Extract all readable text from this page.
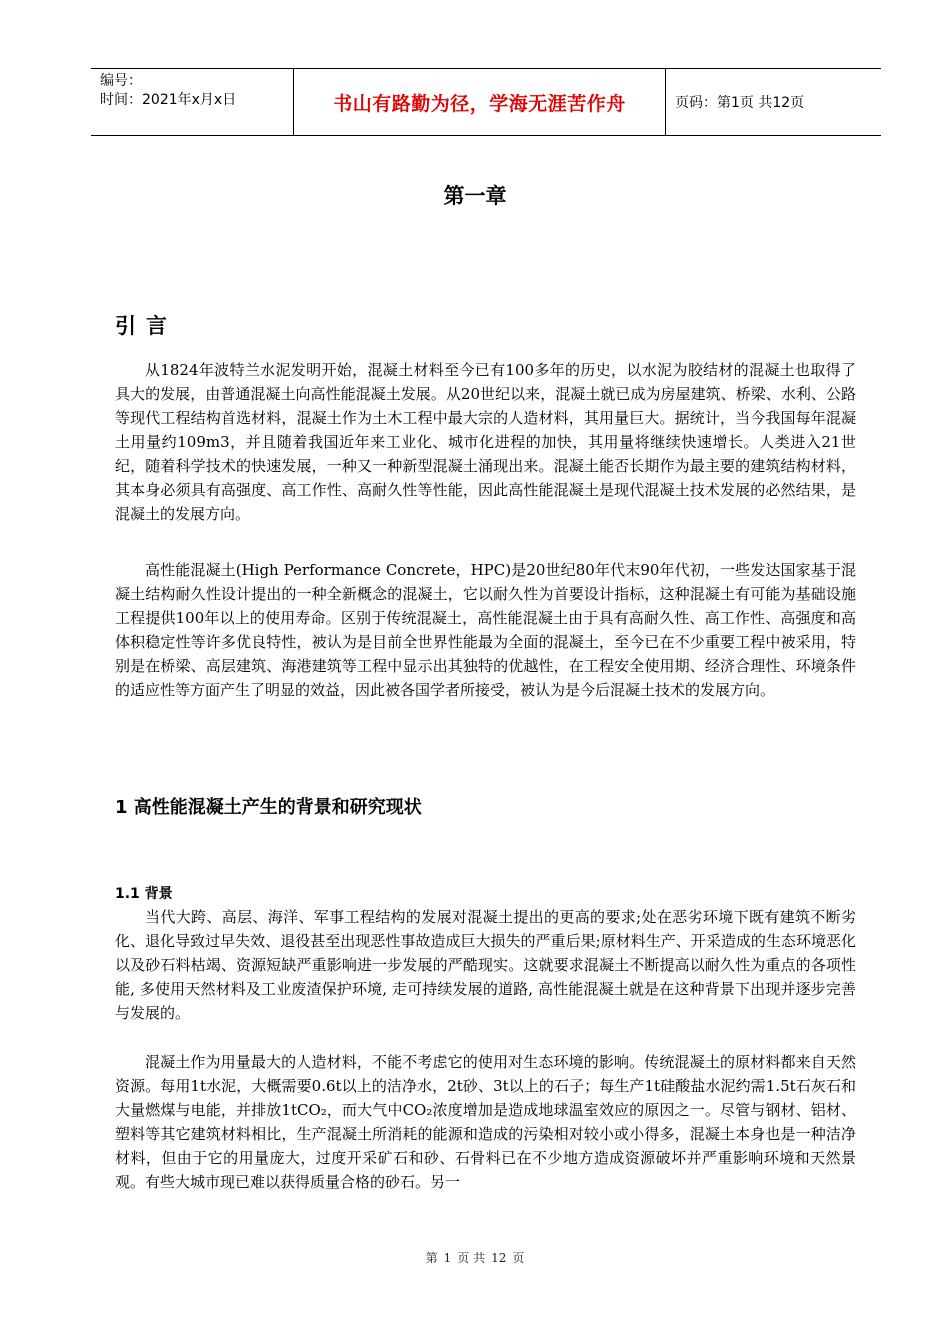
编号：
时间：2021年x月x日	书山有路勤为径，学海无涯苦作舟	页码：第1页 共12页
第一章
引言

从1824年波特兰水泥发明开始，混凝土材料至今已有100多年的历史，以水泥为胶结材的混凝土也取得了具大的发展，由普通混凝土向高性能混凝土发展。从20世纪以来，混凝土就已成为房屋建筑、桥梁、水利、公路等现代工程结构首选材料，混凝土作为土木工程中最大宗的人造材料，其用量巨大。据统计，当今我国每年混凝土用量约109m3，并且随着我国近年来工业化、城市化进程的加快，其用量将继续快速增长。人类进入21世纪，随着科学技术的快速发展，一种又一种新型混凝土涌现出来。混凝土能否长期作为最主要的建筑结构材料，其本身必须具有高强度、高工作性、高耐久性等性能，因此高性能混凝土是现代混凝土技术发展的必然结果，是混凝土的发展方向。

高性能混凝土(High Performance Concrete，HPC)是20世纪80年代末90年代初，一些发达国家基于混凝土结构耐久性设计提出的一种全新概念的混凝土，它以耐久性为首要设计指标，这种混凝土有可能为基础设施工程提供100年以上的使用寿命。区别于传统混凝土，高性能混凝土由于具有高耐久性、高工作性、高强度和高体积稳定性等许多优良特性，被认为是目前全世界性能最为全面的混凝土，至今已在不少重要工程中被采用，特别是在桥梁、高层建筑、海港建筑等工程中显示出其独特的优越性，在工程安全使用期、经济合理性、环境条件的适应性等方面产生了明显的效益，因此被各国学者所接受，被认为是今后混凝土技术的发展方向。

1 高性能混凝土产生的背景和研究现状
1.1 背景

当代大跨、高层、海洋、军事工程结构的发展对混凝土提出的更高的要求;处在恶劣环境下既有建筑不断劣化、退化导致过早失效、退役甚至出现恶性事故造成巨大损失的严重后果;原材料生产、开采造成的生态环境恶化以及砂石料枯竭、资源短缺严重影响进一步发展的严酷现实。这就要求混凝土不断提高以耐久性为重点的各项性能, 多使用天然材料及工业废渣保护环境, 走可持续发展的道路, 高性能混凝土就是在这种背景下出现并逐步完善与发展的。

混凝土作为用量最大的人造材料，不能不考虑它的使用对生态环境的影响。传统混凝土的原材料都来自天然资源。每用1t水泥，大概需要0.6t以上的洁净水，2t砂、3t以上的石子；每生产1t硅酸盐水泥约需1.5t石灰石和大量燃煤与电能，并排放1tCO₂，而大气中CO₂浓度增加是造成地球温室效应的原因之一。尽管与钢材、铝材、塑料等其它建筑材料相比，生产混凝土所消耗的能源和造成的污染相对较小或小得多，混凝土本身也是一种洁净材料，但由于它的用量庞大，过度开采矿石和砂、石骨料已在不少地方造成资源破坏并严重影响环境和天然景观。有些大城市现已难以获得质量合格的砂石。另一

第 1 页 共 12 页
